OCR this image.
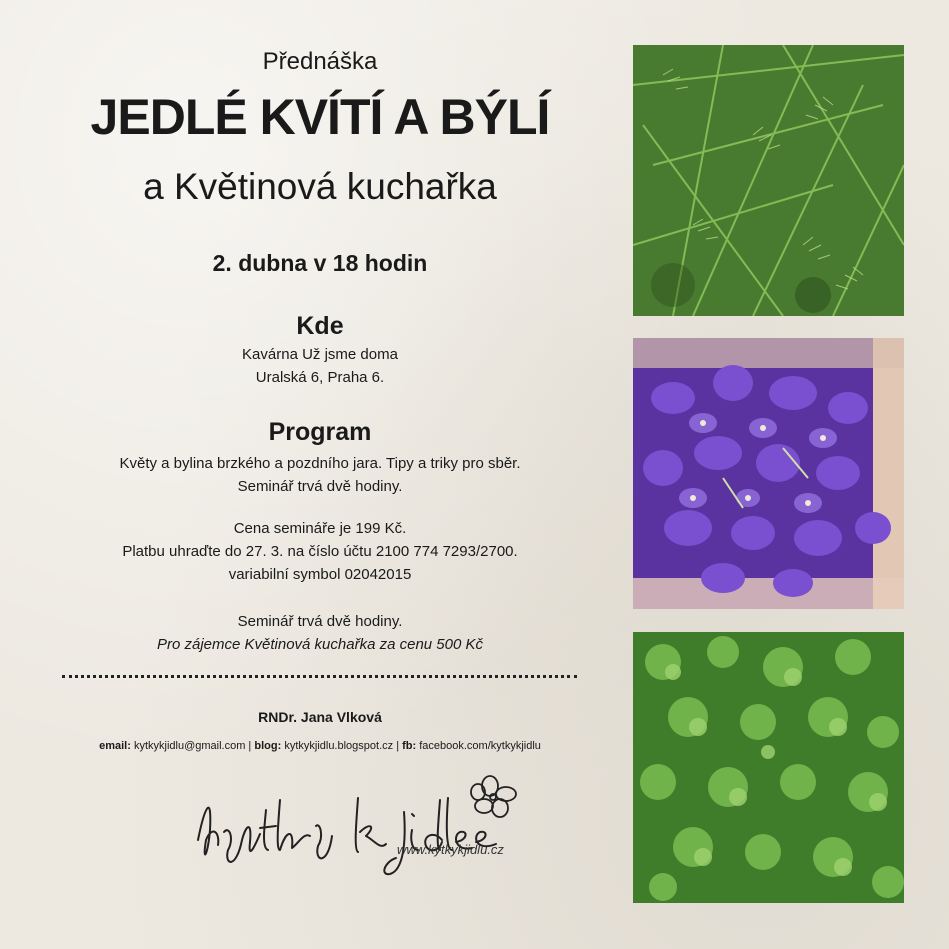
Přednáška
JEDLÉ KVÍTÍ A BÝLÍ
a Květinová kuchařka
2. dubna v 18 hodin
Kde
Kavárna Už jsme doma
Uralská 6, Praha 6.
Program
Květy a bylina brzkého a pozdního jara. Tipy a triky pro sběr.
Seminář trvá dvě hodiny.
Cena semináře je 199 Kč.
Platbu uhraďte do 27. 3. na číslo účtu 2100 774 7293/2700.
variabilní symbol 02042015
Seminář trvá dvě hodiny.
Pro zájemce Květinová kuchařka za cenu 500 Kč
RNDr. Jana Vlková
email: kytkykjidlu@gmail.com | blog: kytkykjidlu.blogspot.cz | fb: facebook.com/kytkykjidlu
www.kytkykjidlu.cz
